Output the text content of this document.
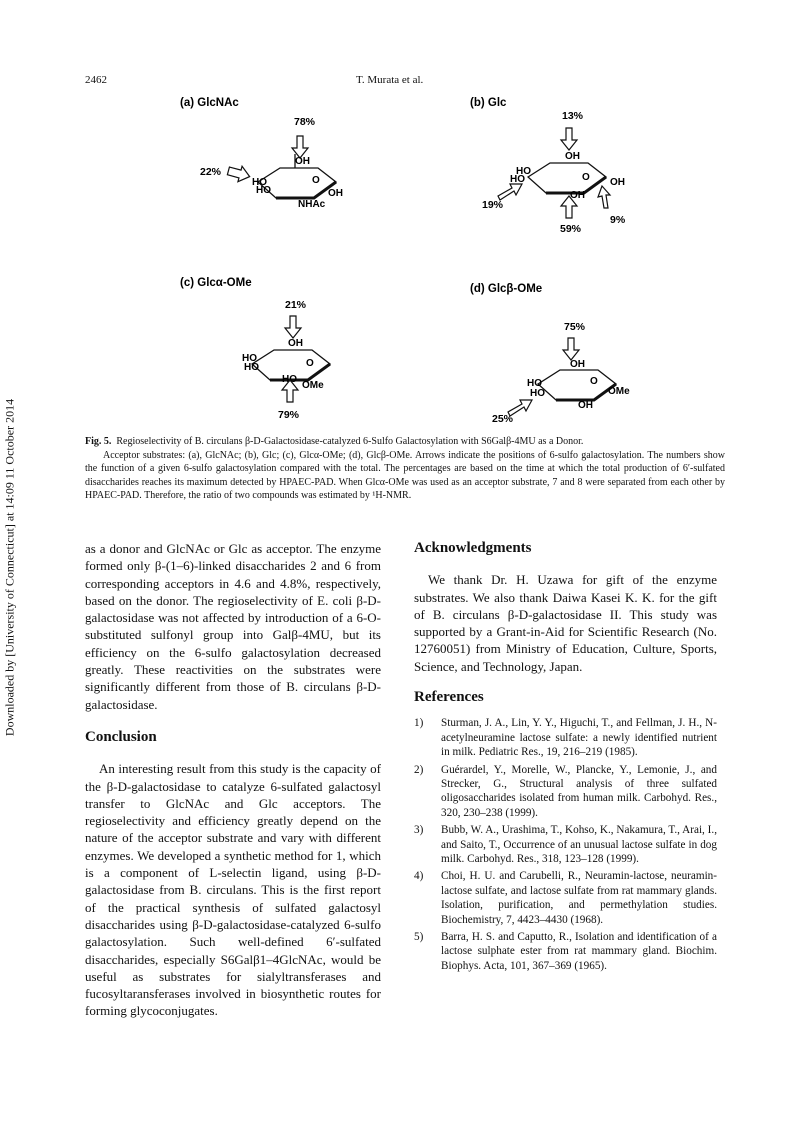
Downloaded by [University of Connecticut] at 14:09 11 October 2014
2462	T. Murata et al.
(a) GlcNAc
78%
22%
OH
HO
HO
O
OH
NHAc
(b) Glc
13%
OH
HO
HO	O
OH
OH
19%
59%
9%
(c) Glcα-OMe
21%
OH
HO
HO	O
HO
OMe
79%
(d) Glcβ-OMe
75%
OH
HO
HO
O
OMe
OH
25%
Fig. 5. Regioselectivity of B. circulans β-D-Galactosidase-catalyzed 6-Sulfo Galactosylation with S6Galβ-4MU as a Donor.
Acceptor substrates: (a), GlcNAc; (b), Glc; (c), Glcα-OMe; (d), Glcβ-OMe. Arrows indicate the positions of 6-sulfo galactosylation. The numbers show the function of a given 6-sulfo galactosylation compared with the total. The percentages are based on the time at which the total production of 6′-sulfated disaccharides reaches its maximum detected by HPAEC-PAD. When Glcα-OMe was used as an acceptor substrate, 7 and 8 were separated from each other by HPAEC-PAD. Therefore, the ratio of two compounds was estimated by ¹H-NMR.

as a donor and GlcNAc or Glc as acceptor. The enzyme formed only β-(1–6)-linked disaccharides 2 and 6 from corresponding acceptors in 4.6 and 4.8%, respectively, based on the donor. The regioselectivity of E. coli β-D-galactosidase was not affected by introduction of a 6-O-substituted sulfonyl group into Galβ-4MU, but its efficiency on the 6-sulfo galactosylation decreased greatly. These reactivities on the substrates were significantly different from those of B. circulans β-D-galactosidase.

Conclusion

An interesting result from this study is the capacity of the β-D-galactosidase to catalyze 6-sulfated galactosyl transfer to GlcNAc and Glc acceptors. The regioselectivity and efficiency greatly depend on the nature of the acceptor substrate and vary with different enzymes. We developed a synthetic method for 1, which is a component of L-selectin ligand, using β-D-galactosidase from B. circulans. This is the first report of the practical synthesis of sulfated galactosyl disaccharides using β-D-galactosidase-catalyzed 6-sulfo galactosylation. Such well-defined 6′-sulfated disaccharides, especially S6Galβ1–4GlcNAc, would be useful as substrates for sialyltransferases and fucosyltaransferases involved in biosynthetic routes for forming glycoconjugates.

Acknowledgments

We thank Dr. H. Uzawa for gift of the enzyme substrates. We also thank Daiwa Kasei K. K. for the gift of B. circulans β-D-galactosidase II. This study was supported by a Grant-in-Aid for Scientific Research (No. 12760051) from Ministry of Education, Culture, Sports, Science, and Technology, Japan.

References

1) Sturman, J. A., Lin, Y. Y., Higuchi, T., and Fellman, J. H., N-acetylneuramine lactose sulfate: a newly identified nutrient in milk. Pediatric Res., 19, 216–219 (1985).
2) Guérardel, Y., Morelle, W., Plancke, Y., Lemonie, J., and Strecker, G., Structural analysis of three sulfated oligosaccharides isolated from human milk. Carbohyd. Res., 320, 230–238 (1999).
3) Bubb, W. A., Urashima, T., Kohso, K., Nakamura, T., Arai, I., and Saito, T., Occurrence of an unusual lactose sulfate in dog milk. Carbohyd. Res., 318, 123–128 (1999).
4) Choi, H. U. and Carubelli, R., Neuramin-lactose, neuramin-lactose sulfate, and lactose sulfate from rat mammary glands. Isolation, purification, and permethylation studies. Biochemistry, 7, 4423–4430 (1968).
5) Barra, H. S. and Caputto, R., Isolation and identification of a lactose sulphate ester from rat mammary gland. Biochim. Biophys. Acta, 101, 367–369 (1965).
